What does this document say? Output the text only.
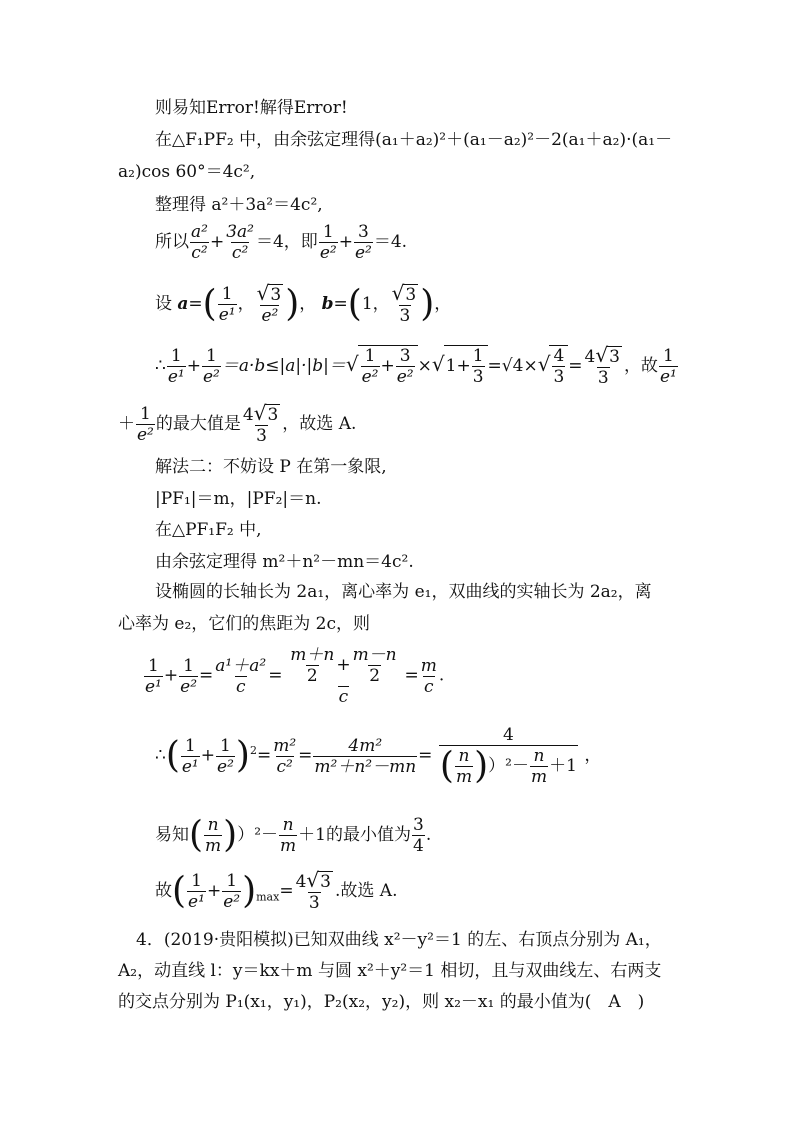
则易知Error!解得Error!
在△F₁PF₂ 中，由余弦定理得(a₁＋a₂)²＋(a₁－a₂)²－2(a₁＋a₂)·(a₁－
a₂)cos 60°＝4c²,
整理得 a²＋3a²＝4c²,
所以 $\frac{\text{a²}}{\text{c²}} + \frac{\text{3a²}}{\text{c²}} =4$，即 $\frac{1}{\text{e²}} + \frac{3}{\text{e²}} =4$.
设 $a=( \frac{1}{\text{e¹}}$ ， $\frac{√3}{\text{e²}}$ )， b=(1， $\frac{√3}{3}$ )，
∴ $\frac{1}{\text{e¹}} + \frac{1}{\text{e²}} =a\cdot b\le|a|\cdot|b|=√ \frac{1}{\text{e²}} + \frac{3}{\text{e²}} \times√1+ \frac{1}{3} =√4\times√ \frac{4}{3} = \frac{4√3}{3}$ ，故 $\frac{1}{\text{e¹}}$
＋ $\frac{1}{\text{e²}}$ 的最大值是 $\frac{4√3}{3}$ ，故选 A.
解法二：不妨设 P 在第一象限,
|PF₁|＝m，|PF₂|＝n.
在△PF₁F₂ 中,
由余弦定理得 m²＋n²－mn＝4c².
设椭圆的长轴长为 2a₁，离心率为 e₁，双曲线的实轴长为 2a₂，离
心率为 e₂，它们的焦距为 2c，则
$\frac{1}{\text{e¹}} + \frac{1}{\text{e²}} = \frac{\text{a¹＋a²}}{c} = \frac{\frac{m+n}{2} + \frac{m-n}{2}}{c} = \frac{m}{c}$ .
∴( $\frac{1}{\text{e¹}} + \frac{1}{\text{e²}} )^2= \frac{\text{m²}}{\text{c²}} = \frac{\text{4m²}}{\text{m²＋n²－mn}} = \frac{4}{( \frac{n}{m} ))^2- \frac{n}{m} +1}$ ，
易知( $\frac{n}{m} ))^2- \frac{n}{m} +1$的最小值为 $\frac{3}{4}$ .
故( $\frac{1}{\text{e¹}} + \frac{1}{\text{e²}} )_{max}= \frac{4√3}{3}$ .故选 A.
4．(2019·贵阳模拟)已知双曲线 x²－y²＝1 的左、右顶点分别为 A₁，
A₂，动直线 l：y＝kx＋m 与圆 x²＋y²＝1 相切，且与双曲线左、右两支
的交点分别为 P₁(x₁，y₁)，P₂(x₂，y₂)，则 x₂－x₁ 的最小值为(　A　)
